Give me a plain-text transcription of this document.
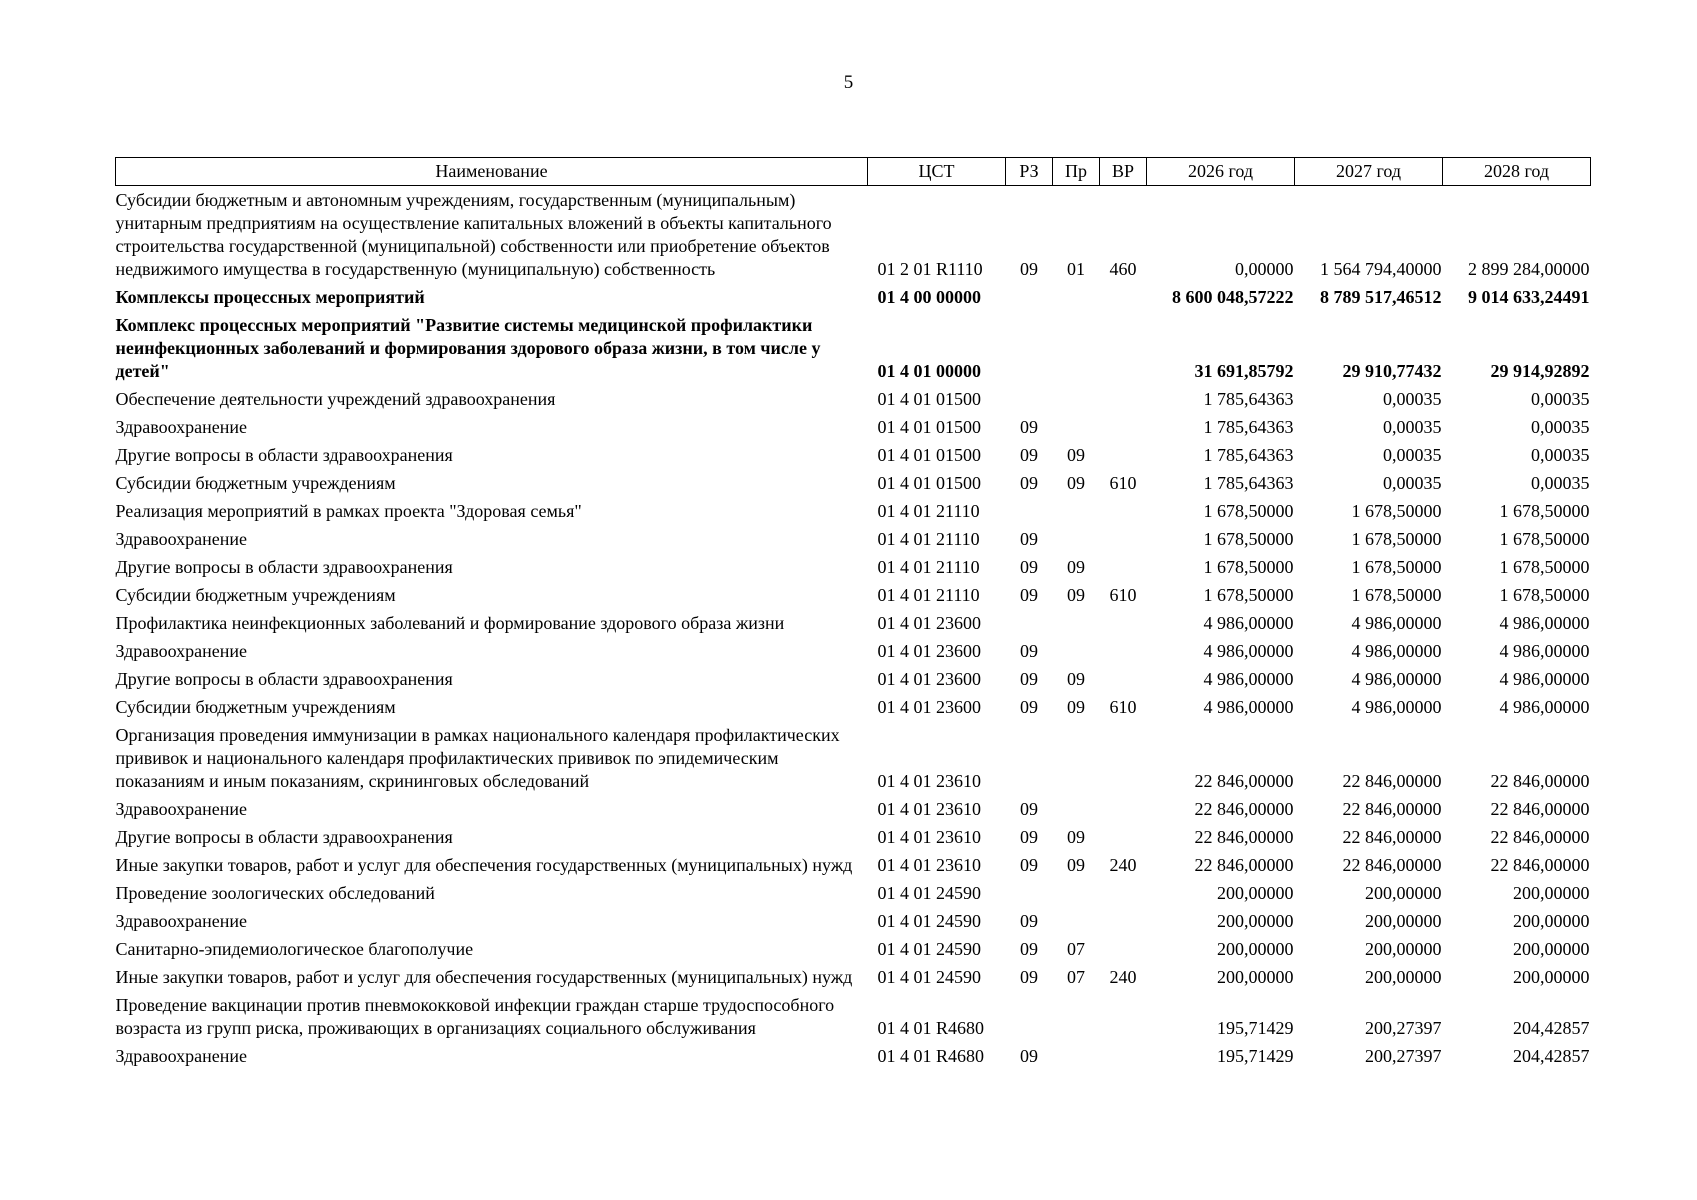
5
Наименование	ЦСТ	РЗ	Пр	ВР	2026 год	2027 год	2028 год
Субсидии бюджетным и автономным учреждениям, государственным (муниципальным) унитарным предприятиям на осуществление капитальных вложений в объекты капитального строительства государственной (муниципальной) собственности или приобретение объектов недвижимого имущества в государственную (муниципальную) собственность	01 2 01 R1110	09	01	460	0,00000	1 564 794,40000	2 899 284,00000
Комплексы процессных мероприятий	01 4 00 00000				8 600 048,57222	8 789 517,46512	9 014 633,24491
Комплекс процессных мероприятий "Развитие системы медицинской профилактики неинфекционных заболеваний и формирования здорового образа жизни, в том числе у детей"	01 4 01 00000				31 691,85792	29 910,77432	29 914,92892
Обеспечение деятельности учреждений здравоохранения	01 4 01 01500				1 785,64363	0,00035	0,00035
Здравоохранение	01 4 01 01500	09			1 785,64363	0,00035	0,00035
Другие вопросы в области здравоохранения	01 4 01 01500	09	09		1 785,64363	0,00035	0,00035
Субсидии бюджетным учреждениям	01 4 01 01500	09	09	610	1 785,64363	0,00035	0,00035
Реализация мероприятий в рамках проекта "Здоровая семья"	01 4 01 21110				1 678,50000	1 678,50000	1 678,50000
Здравоохранение	01 4 01 21110	09			1 678,50000	1 678,50000	1 678,50000
Другие вопросы в области здравоохранения	01 4 01 21110	09	09		1 678,50000	1 678,50000	1 678,50000
Субсидии бюджетным учреждениям	01 4 01 21110	09	09	610	1 678,50000	1 678,50000	1 678,50000
Профилактика неинфекционных заболеваний и формирование здорового образа жизни	01 4 01 23600				4 986,00000	4 986,00000	4 986,00000
Здравоохранение	01 4 01 23600	09			4 986,00000	4 986,00000	4 986,00000
Другие вопросы в области здравоохранения	01 4 01 23600	09	09		4 986,00000	4 986,00000	4 986,00000
Субсидии бюджетным учреждениям	01 4 01 23600	09	09	610	4 986,00000	4 986,00000	4 986,00000
Организация проведения иммунизации в рамках национального календаря профилактических прививок и национального календаря профилактических прививок по эпидемическим показаниям и иным показаниям, скрининговых обследований	01 4 01 23610				22 846,00000	22 846,00000	22 846,00000
Здравоохранение	01 4 01 23610	09			22 846,00000	22 846,00000	22 846,00000
Другие вопросы в области здравоохранения	01 4 01 23610	09	09		22 846,00000	22 846,00000	22 846,00000
Иные закупки товаров, работ и услуг для обеспечения государственных (муниципальных) нужд	01 4 01 23610	09	09	240	22 846,00000	22 846,00000	22 846,00000
Проведение зоологических обследований	01 4 01 24590				200,00000	200,00000	200,00000
Здравоохранение	01 4 01 24590	09			200,00000	200,00000	200,00000
Санитарно-эпидемиологическое благополучие	01 4 01 24590	09	07		200,00000	200,00000	200,00000
Иные закупки товаров, работ и услуг для обеспечения государственных (муниципальных) нужд	01 4 01 24590	09	07	240	200,00000	200,00000	200,00000
Проведение вакцинации против пневмококковой инфекции граждан старше трудоспособного возраста из групп риска, проживающих в организациях социального обслуживания	01 4 01 R4680				195,71429	200,27397	204,42857
Здравоохранение	01 4 01 R4680	09			195,71429	200,27397	204,42857
